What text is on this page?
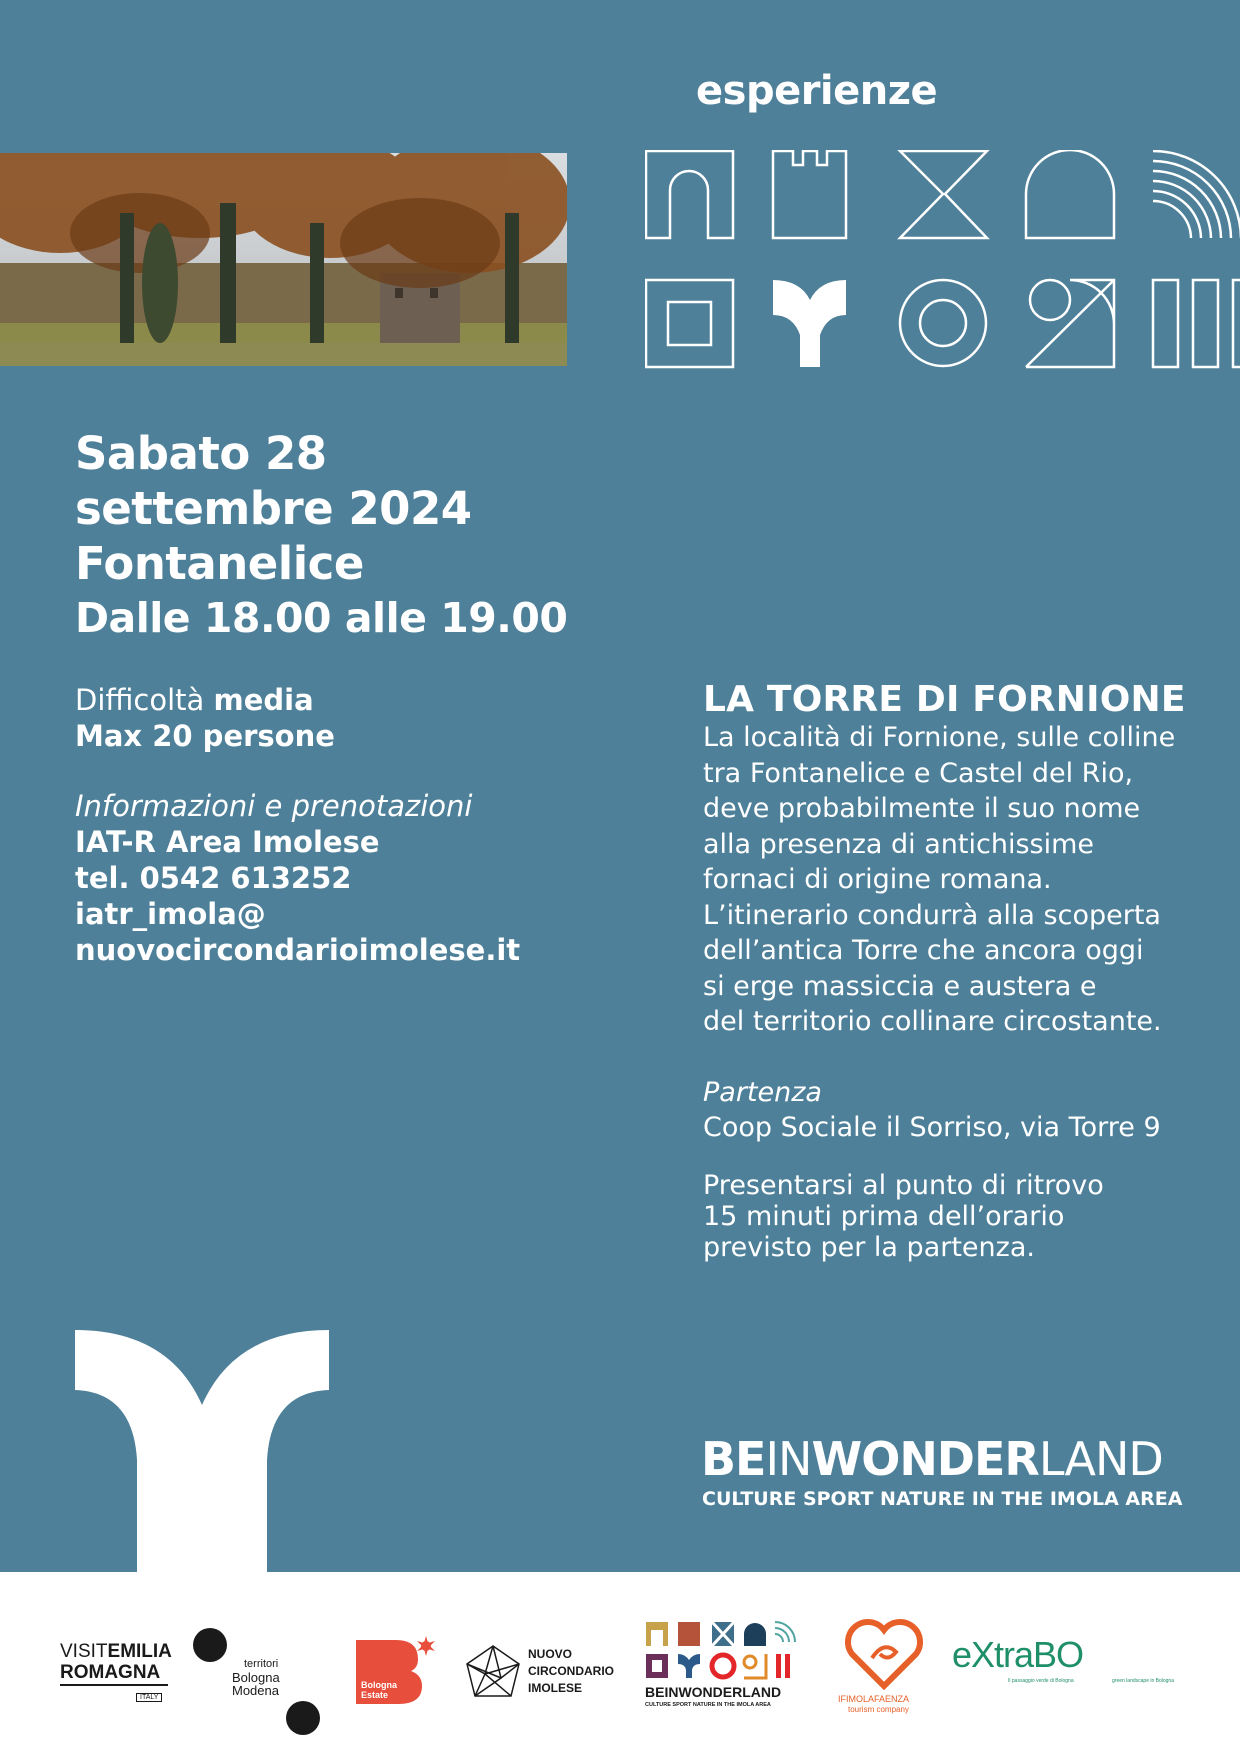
esperienze
Sabato 28
settembre 2024
Fontanelice
Dalle 18.00 alle 19.00
Difficoltà media
Max 20 persone
Informazioni e prenotazioni
IAT-R Area Imolese
tel. 0542 613252
iatr_imola@
nuovocircondarioimolese.it
LA TORRE DI FORNIONE
La località di Fornione, sulle colline
tra Fontanelice e Castel del Rio,
deve probabilmente il suo nome
alla presenza di antichissime
fornaci di origine romana.
L’itinerario condurrà alla scoperta
dell’antica Torre che ancora oggi
si erge massiccia e austera e
del territorio collinare circostante.
Partenza
Coop Sociale il Sorriso, via Torre 9
Presentarsi al punto di ritrovo
15 minuti prima dell’orario
previsto per la partenza.
BEINWONDERLAND
CULTURE SPORT NATURE IN THE IMOLA AREA
VISITEMILIA
ROMAGNA
ITALY
territori
Bologna
Modena	Bologna
Estate
NUOVO
CIRCONDARIO
IMOLESE	BEINWONDERLAND
CULTURE SPORT NATURE IN THE IMOLA AREA
IFIMOLAFAENZA
tourism company
eXtraBO
Il passaggio verde di Bologna	green landscape in Bologna
